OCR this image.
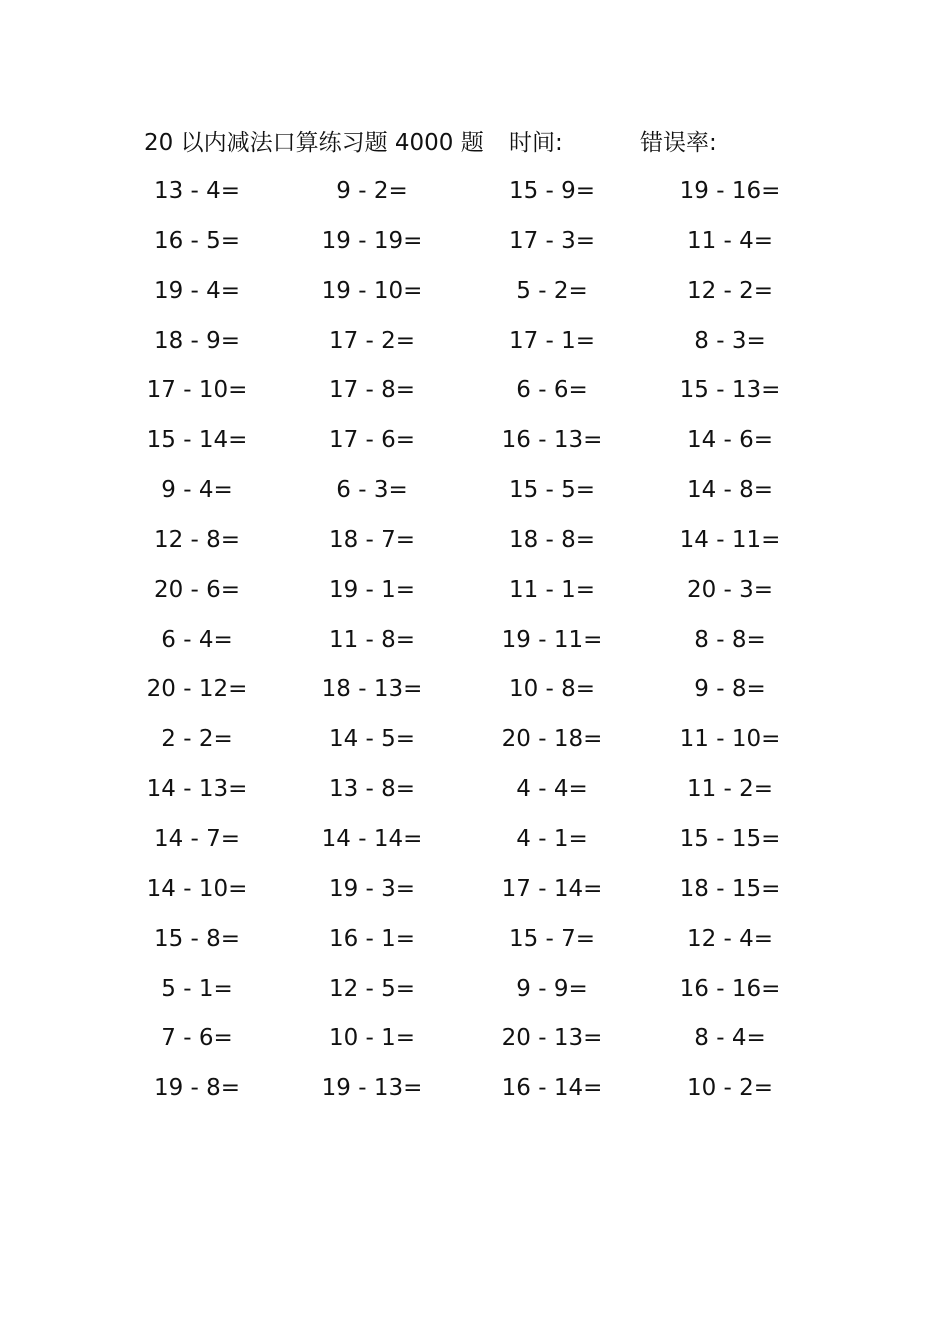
20 以内减法口算练习题 4000 题 时间:	错误率:
13 - 4=	9 - 2=	15 - 9=	19 - 16=
16 - 5=	19 - 19=	17 - 3=	11 - 4=
19 - 4=	19 - 10=	5 - 2=	12 - 2=
18 - 9=	17 - 2=	17 - 1=	8 - 3=
17 - 10=	17 - 8=	6 - 6=	15 - 13=
15 - 14=	17 - 6=	16 - 13=	14 - 6=
9 - 4=	6 - 3=	15 - 5=	14 - 8=
12 - 8=	18 - 7=	18 - 8=	14 - 11=
20 - 6=	19 - 1=	11 - 1=	20 - 3=
6 - 4=	11 - 8=	19 - 11=	8 - 8=
20 - 12=	18 - 13=	10 - 8=	9 - 8=
2 - 2=	14 - 5=	20 - 18=	11 - 10=
14 - 13=	13 - 8=	4 - 4=	11 - 2=
14 - 7=	14 - 14=	4 - 1=	15 - 15=
14 - 10=	19 - 3=	17 - 14=	18 - 15=
15 - 8=	16 - 1=	15 - 7=	12 - 4=
5 - 1=	12 - 5=	9 - 9=	16 - 16=
7 - 6=	10 - 1=	20 - 13=	8 - 4=
19 - 8=	19 - 13=	16 - 14=	10 - 2=
